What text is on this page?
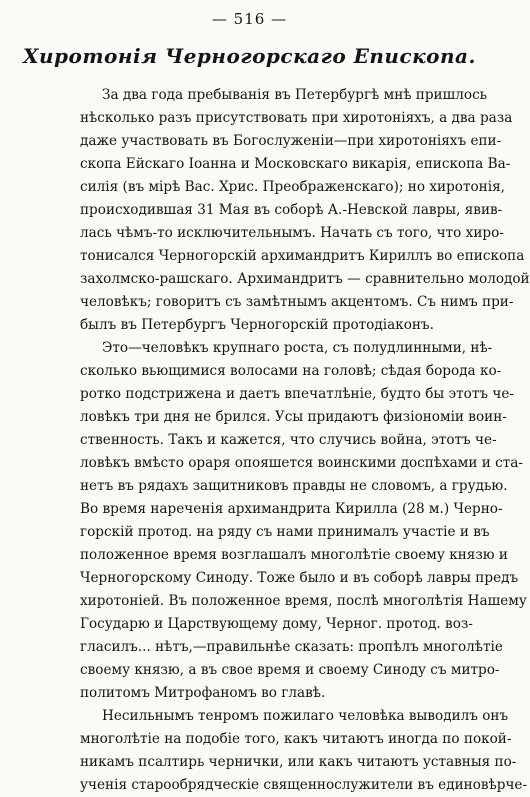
— 516 —
Хиротонія Черногорскаго Епископа.
За два года пребыванія въ Петербургѣ мнѣ пришлось
нѣсколько разъ присутствовать при хиротоніяхъ, а два раза
даже участвовать въ Богослуженіи—при хиротоніяхъ епи-
скопа Ейскаго Іоанна и Московскаго викарія, епископа Ва-
силія (въ мірѣ Вас. Хрис. Преображенскаго); но хиротонія,
происходившая 31 Мая въ соборѣ А.-Невской лавры, явив-
лась чѣмъ-то исключительнымъ. Начать съ того, что хиро-
тонисался Черногорскій архимандритъ Кириллъ во епископа
захолмско-рашскаго. Архимандритъ — сравнительно молодой
человѣкъ; говоритъ съ замѣтнымъ акцентомъ. Съ нимъ при-
былъ въ Петербургъ Черногорскій протодіаконъ.
Это—человѣкъ крупнаго роста, съ полудлинными, нѣ-
сколько вьющимися волосами на головѣ; сѣдая борода ко-
ротко подстрижена и даетъ впечатлѣніе, будто бы этотъ че-
ловѣкъ три дня не брился. Усы придаютъ физіономіи воин-
ственность. Такъ и кажется, что случись война, этотъ че-
ловѣкъ вмѣсто opаря опояшется воинскими доспѣхами и ста-
нетъ въ рядахъ защитниковъ правды не словомъ, а грудью.
Во время нареченія архимандрита Кирилла (28 м.) Черно-
горскій протод. на ряду съ нами принималъ участіе и въ
положенное время возглашалъ многолѣтіе своему князю и
Черногорскому Синоду. Тоже было и въ соборѣ лавры предъ
хиротоніей. Въ положенное время, послѣ многолѣтія Нашему
Государю и Царствующему дому, Черног. протод. воз-
гласилъ... нѣтъ,—правильнѣе сказать: пропѣлъ многолѣтіе
своему князю, а въ свое время и своему Синоду съ митро-
политомъ Митрофаномъ во главѣ.
Несильнымъ тенромъ пожилаго человѣка выводилъ онъ
многолѣтіе на подобіе того, какъ читаютъ иногда по покой-
никамъ псалтирь чернички, или какъ читаютъ уставныя по-
ученія старообрядческіе священнослужители въ единовѣрче-
